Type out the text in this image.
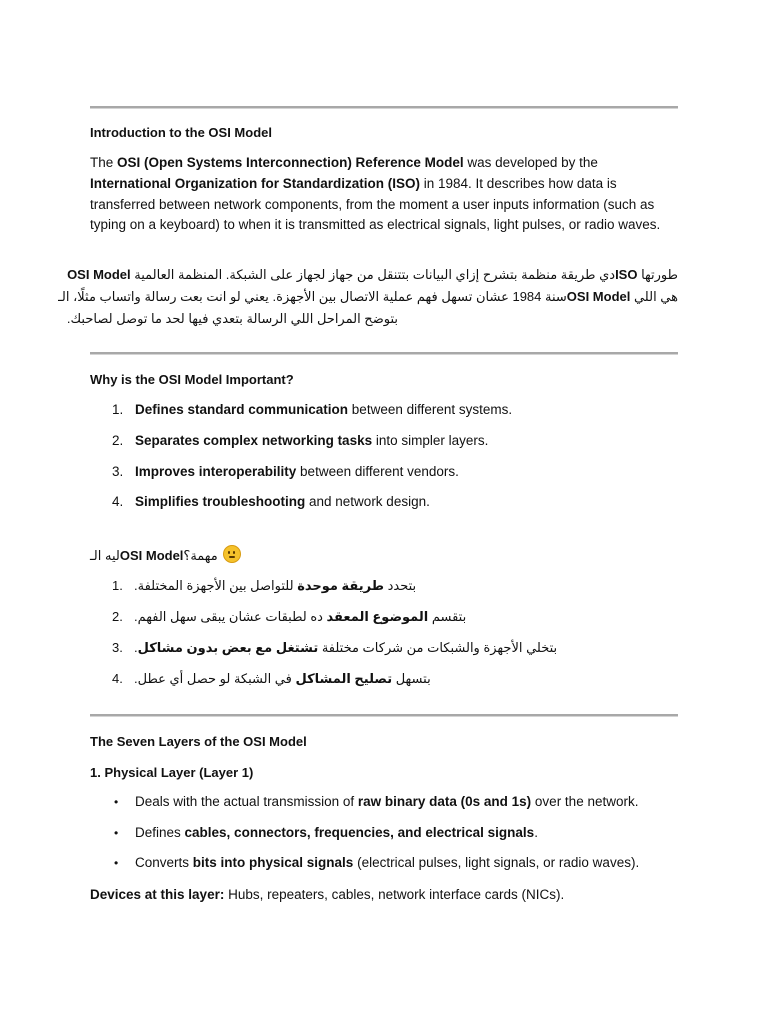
Introduction to the OSI Model
The OSI (Open Systems Interconnection) Reference Model was developed by the International Organization for Standardization (ISO) in 1984. It describes how data is transferred between network components, from the moment a user inputs information (such as typing on a keyboard) to when it is transmitted as electrical signals, light pulses, or radio waves.
طورتها ISOدي طريقة منظمة بتشرح إزاي البيانات بتتنقل من جهاز لجهاز على الشبكة. المنظمة العالمية OSI Model
هي اللي OSI Modelسنة 1984 عشان تسهل فهم عملية الاتصال بين الأجهزة. يعني لو انت بعت رسالة واتساب مثلًا، الـ
بتوضح المراحل اللي الرسالة بتعدي فيها لحد ما توصل لصاحبك.
Why is the OSI Model Important?
1. Defines standard communication between different systems.
2. Separates complex networking tasks into simpler layers.
3. Improves interoperability between different vendors.
4. Simplifies troubleshooting and network design.
مهمة؟OSI Modelليه الـ
1.	بتحدد طريقة موحدة للتواصل بين الأجهزة المختلفة.
2.	بتقسم الموضوع المعقد ده لطبقات عشان يبقى سهل الفهم.
3.	بتخلي الأجهزة والشبكات من شركات مختلفة تشتغل مع بعض بدون مشاكل.
4.	بتسهل تصليح المشاكل في الشبكة لو حصل أي عطل.
The Seven Layers of the OSI Model
1. Physical Layer (Layer 1)
• Deals with the actual transmission of raw binary data (0s and 1s) over the network.
• Defines cables, connectors, frequencies, and electrical signals.
• Converts bits into physical signals (electrical pulses, light signals, or radio waves).
Devices at this layer: Hubs, repeaters, cables, network interface cards (NICs).
